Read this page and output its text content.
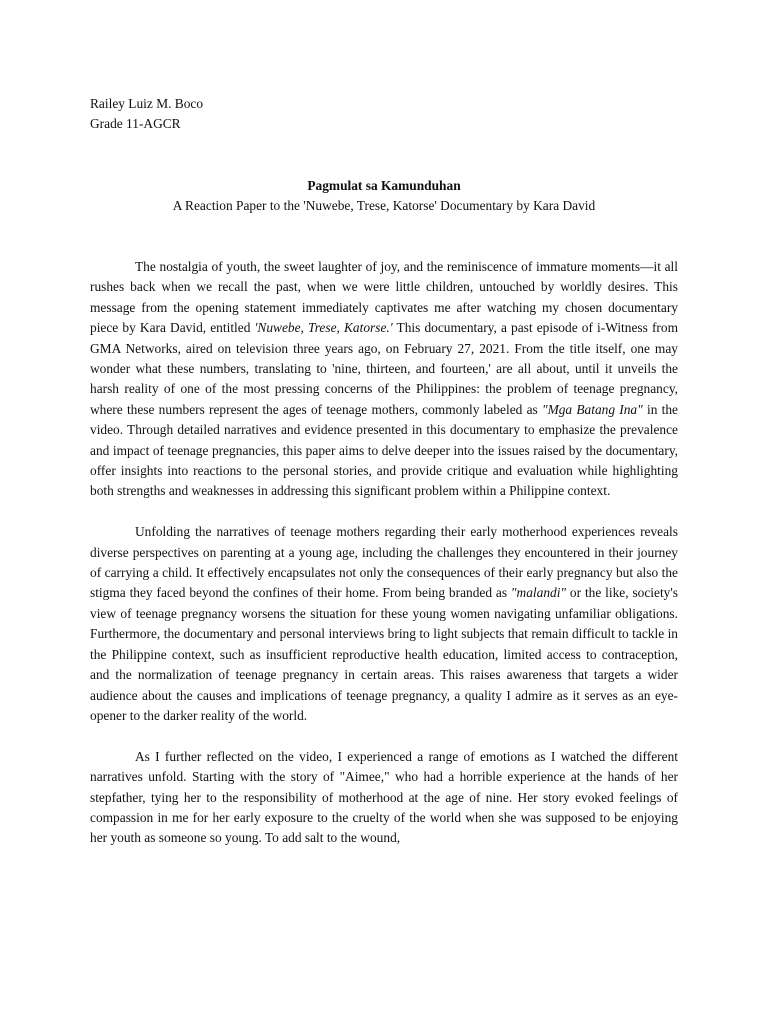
Railey Luiz M. Boco
Grade 11-AGCR
Pagmulat sa Kamunduhan
A Reaction Paper to the 'Nuwebe, Trese, Katorse' Documentary by Kara David

The nostalgia of youth, the sweet laughter of joy, and the reminiscence of immature moments—it all rushes back when we recall the past, when we were little children, untouched by worldly desires. This message from the opening statement immediately captivates me after watching my chosen documentary piece by Kara David, entitled 'Nuwebe, Trese, Katorse.' This documentary, a past episode of i-Witness from GMA Networks, aired on television three years ago, on February 27, 2021. From the title itself, one may wonder what these numbers, translating to 'nine, thirteen, and fourteen,' are all about, until it unveils the harsh reality of one of the most pressing concerns of the Philippines: the problem of teenage pregnancy, where these numbers represent the ages of teenage mothers, commonly labeled as "Mga Batang Ina" in the video. Through detailed narratives and evidence presented in this documentary to emphasize the prevalence and impact of teenage pregnancies, this paper aims to delve deeper into the issues raised by the documentary, offer insights into reactions to the personal stories, and provide critique and evaluation while highlighting both strengths and weaknesses in addressing this significant problem within a Philippine context.

Unfolding the narratives of teenage mothers regarding their early motherhood experiences reveals diverse perspectives on parenting at a young age, including the challenges they encountered in their journey of carrying a child. It effectively encapsulates not only the consequences of their early pregnancy but also the stigma they faced beyond the confines of their home. From being branded as "malandi" or the like, society's view of teenage pregnancy worsens the situation for these young women navigating unfamiliar obligations. Furthermore, the documentary and personal interviews bring to light subjects that remain difficult to tackle in the Philippine context, such as insufficient reproductive health education, limited access to contraception, and the normalization of teenage pregnancy in certain areas. This raises awareness that targets a wider audience about the causes and implications of teenage pregnancy, a quality I admire as it serves as an eye-opener to the darker reality of the world.

As I further reflected on the video, I experienced a range of emotions as I watched the different narratives unfold. Starting with the story of "Aimee," who had a horrible experience at the hands of her stepfather, tying her to the responsibility of motherhood at the age of nine. Her story evoked feelings of compassion in me for her early exposure to the cruelty of the world when she was supposed to be enjoying her youth as someone so young. To add salt to the wound,
